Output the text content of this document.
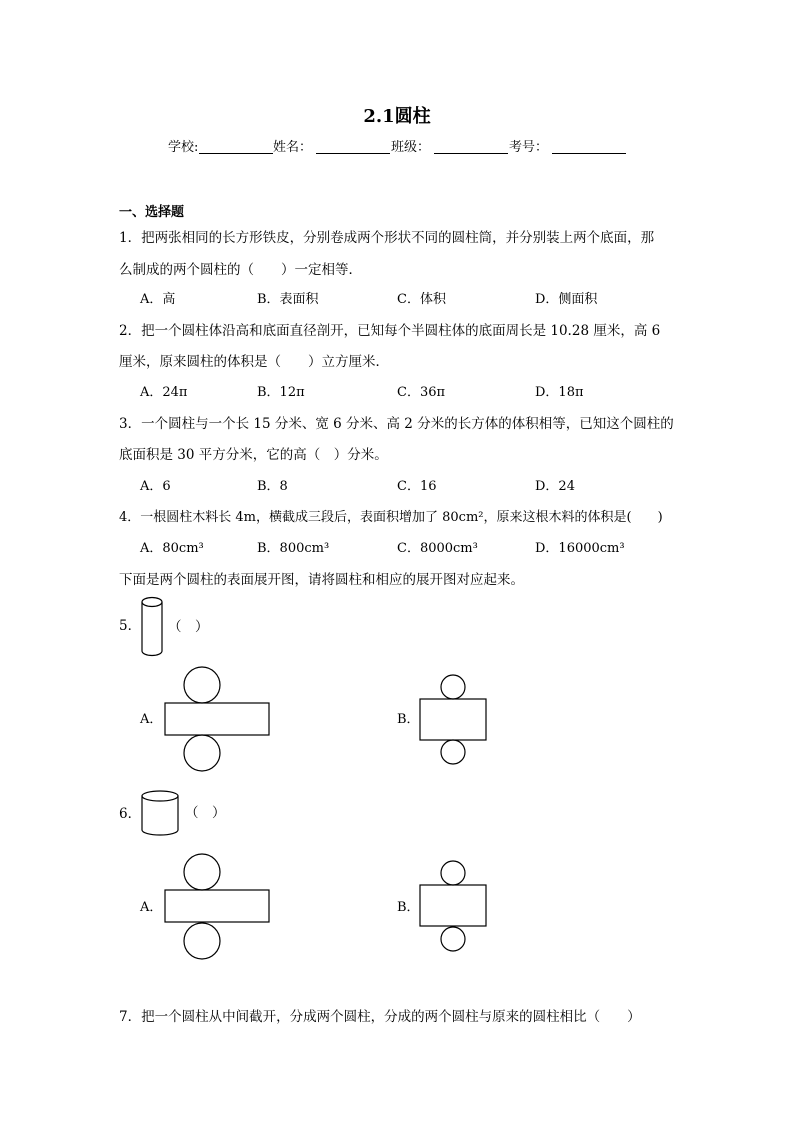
2.1圆柱
学校:	姓名：	班级：	考号：
一、选择题
1．把两张相同的长方形铁皮，分别卷成两个形状不同的圆柱筒，并分别装上两个底面，那
么制成的两个圆柱的（　　）一定相等．
A．高	B．表面积	C．体积	D．侧面积
2．把一个圆柱体沿高和底面直径剖开，已知每个半圆柱体的底面周长是 10.28 厘米，高 6
厘米，原来圆柱的体积是（　　）立方厘米．
A．24π	B．12π	C．36π	D．18π
3．一个圆柱与一个长 15 分米、宽 6 分米、高 2 分米的长方体的体积相等，已知这个圆柱的
底面积是 30 平方分米，它的高（　）分米。
A．6	B．8	C．16	D．24
4．一根圆柱木料长 4m，横截成三段后，表面积增加了 80cm²，原来这根木料的体积是(　　)
A．80cm³	B．800cm³	C．8000cm³	D．16000cm³
下面是两个圆柱的表面展开图，请将圆柱和相应的展开图对应起来。
5． （　）
A．	B．
6．	（　）
A．	B．
7．把一个圆柱从中间截开，分成两个圆柱，分成的两个圆柱与原来的圆柱相比（　　）
